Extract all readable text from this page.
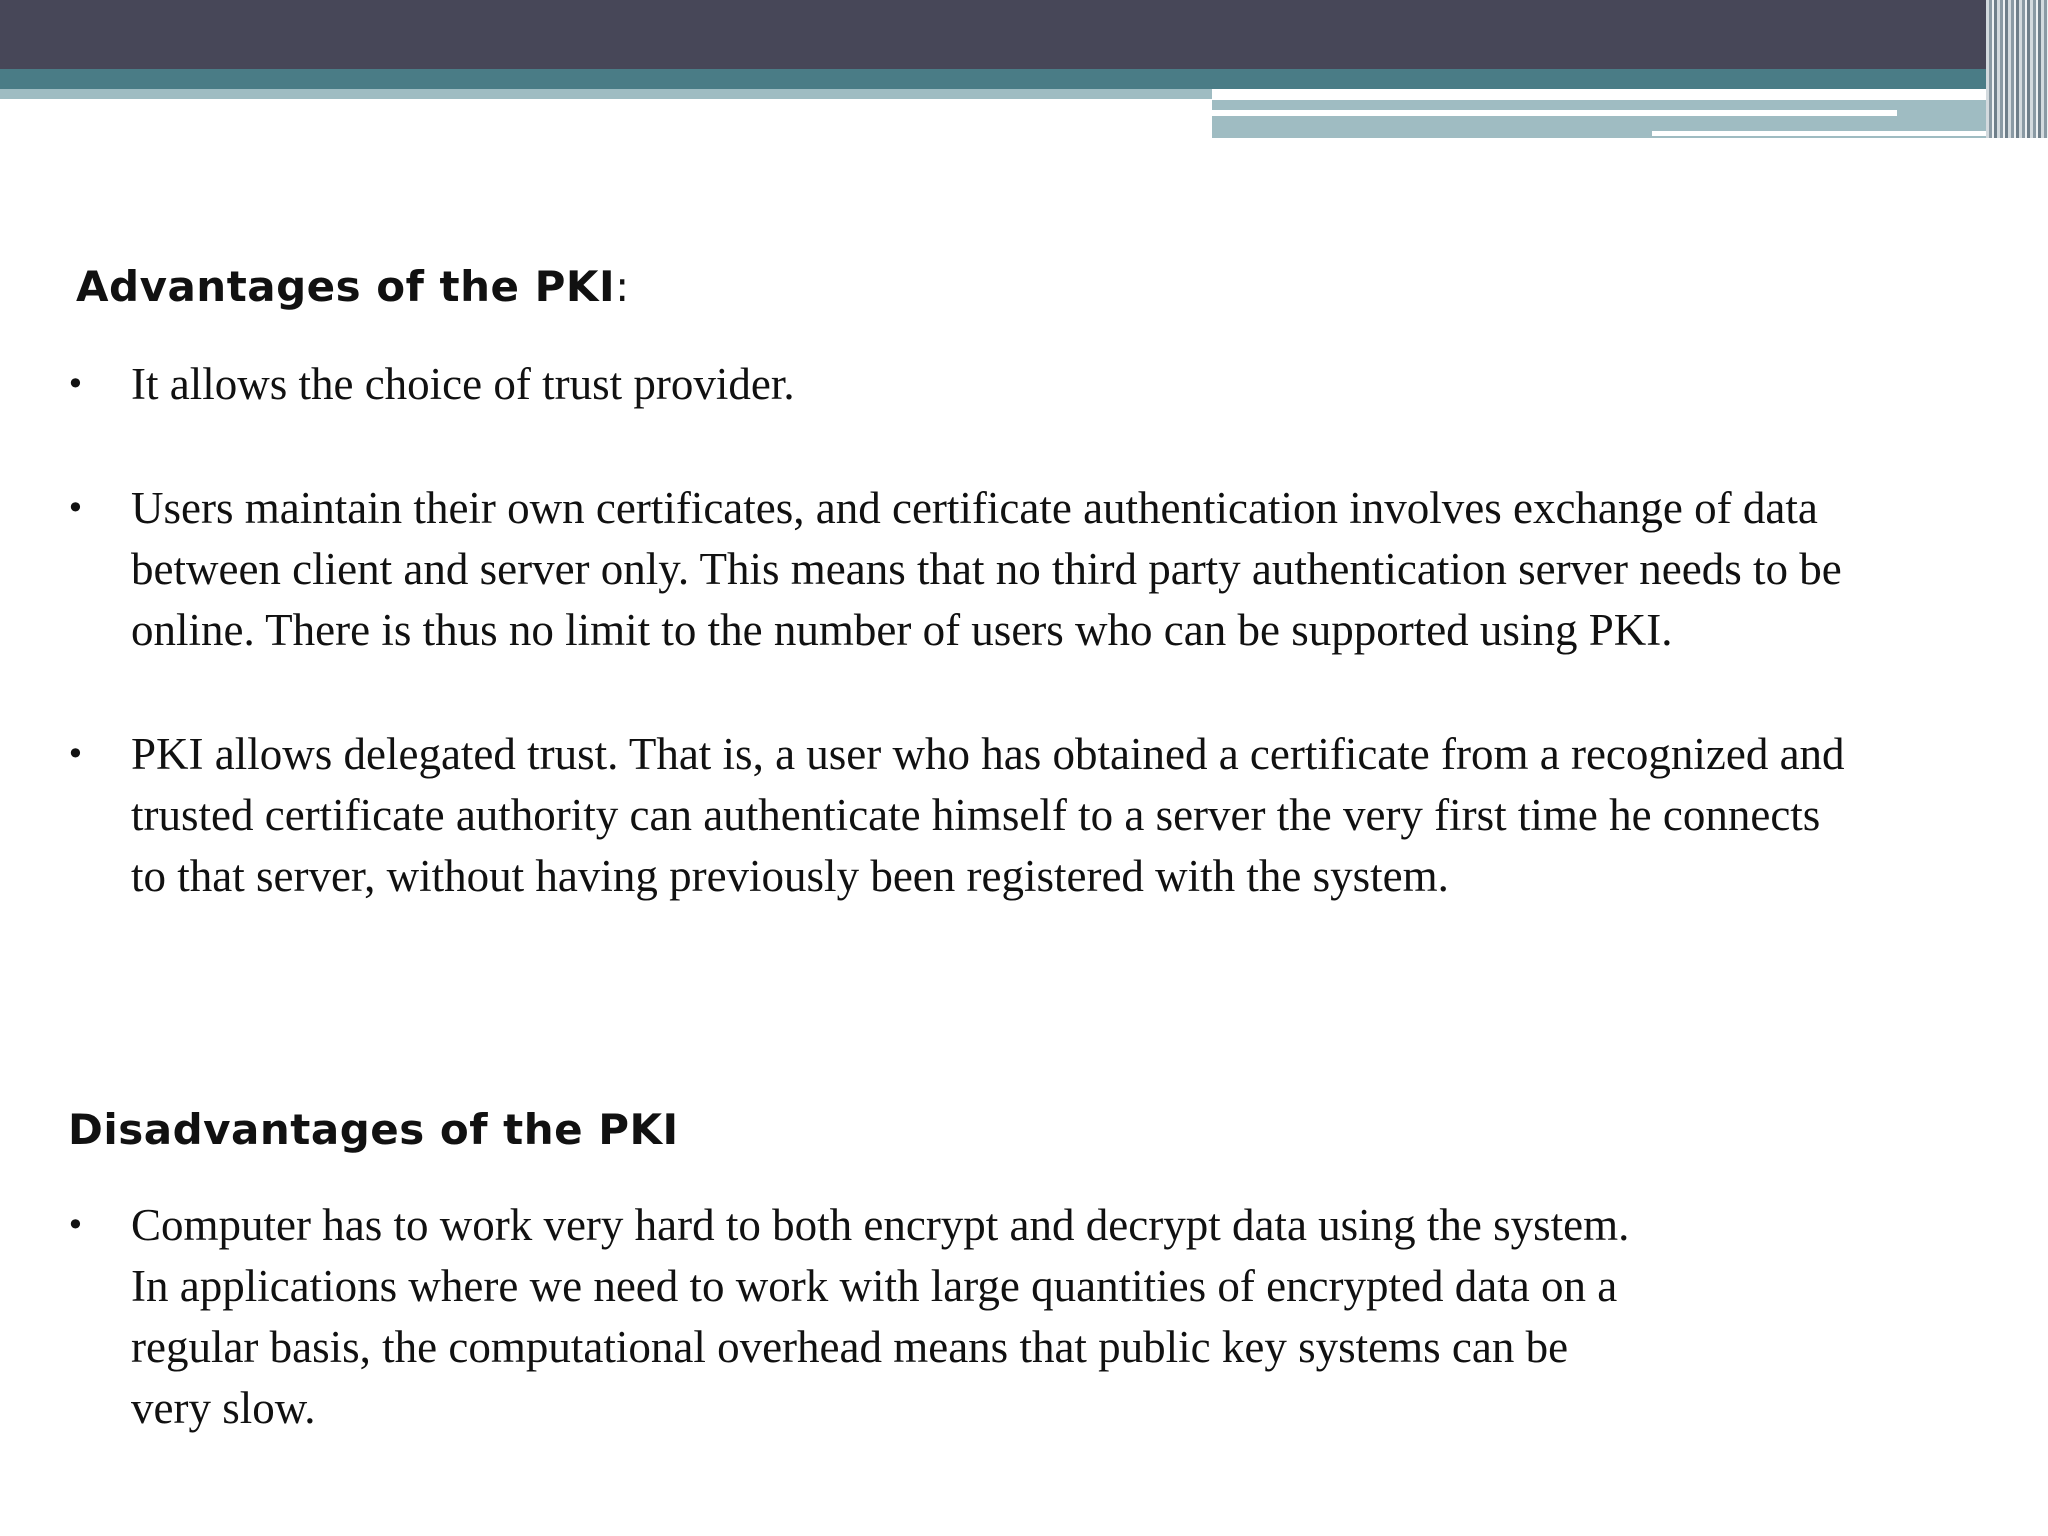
Advantages of the PKI:
• It allows the choice of trust provider.
• Users maintain their own certificates, and certificate authentication involves exchange of data between client and server only. This means that no third party authentication server needs to be online. There is thus no limit to the number of users who can be supported using PKI.
• PKI allows delegated trust. That is, a user who has obtained a certificate from a recognized and trusted certificate authority can authenticate himself to a server the very first time he connects to that server, without having previously been registered with the system.
Disadvantages of the PKI
• Computer has to work very hard to both encrypt and decrypt data using the system.
In applications where we need to work with large quantities of encrypted data on a
regular basis, the computational overhead means that public key systems can be
very slow.
